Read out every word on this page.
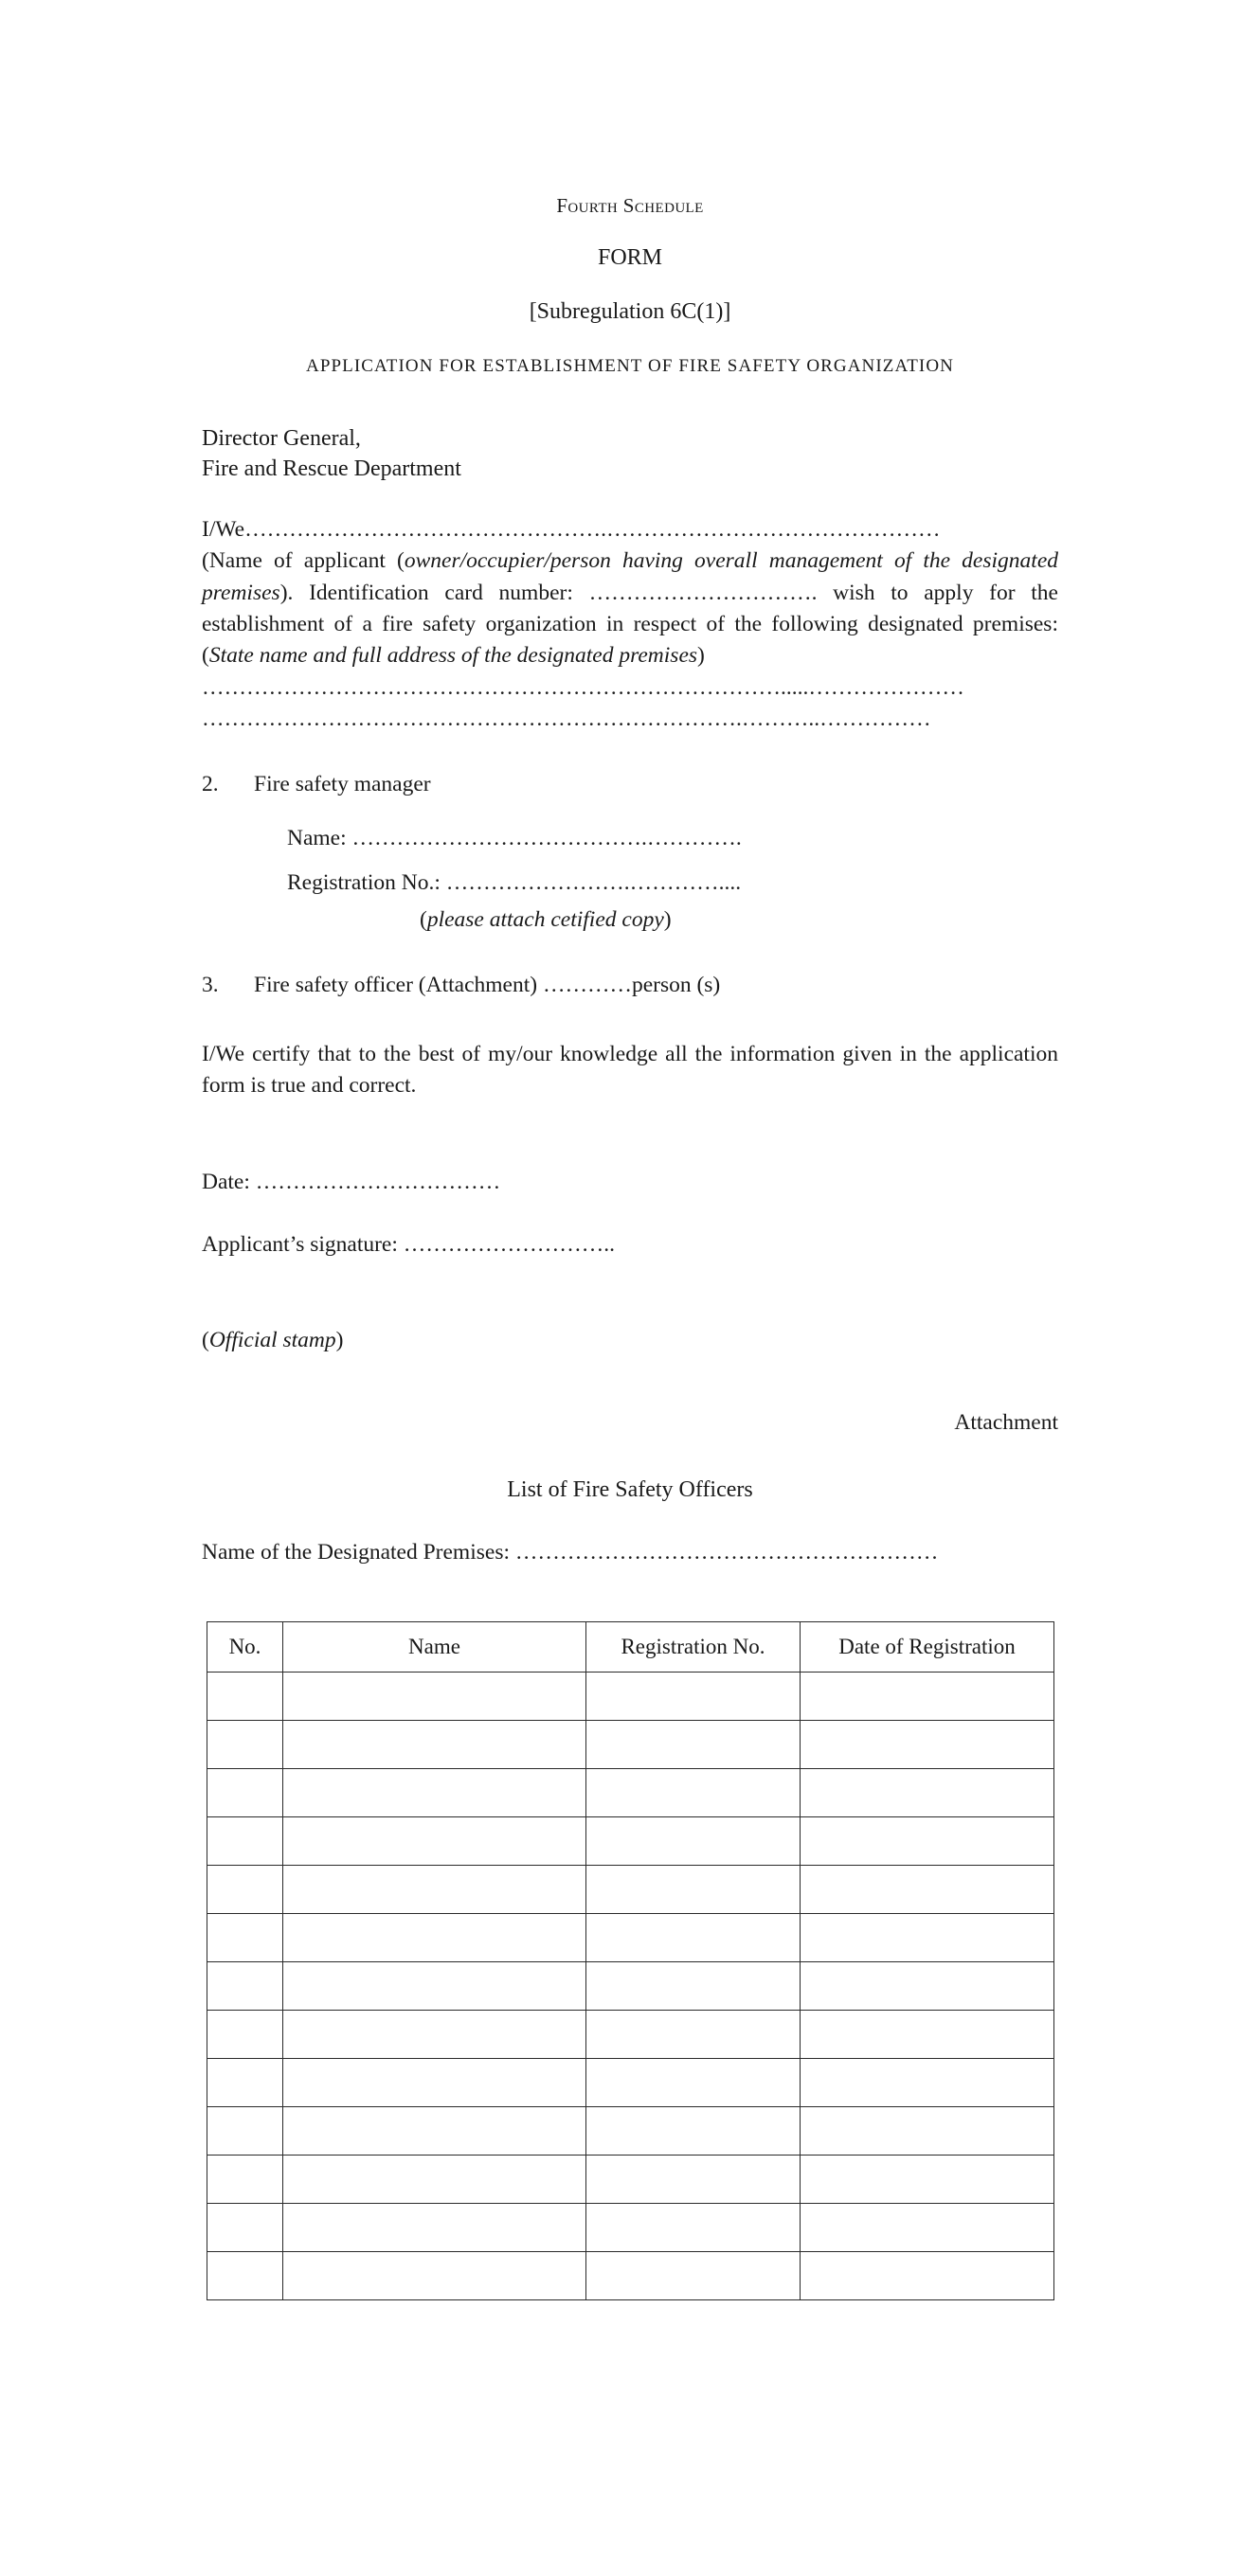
Fourth Schedule
FORM
[Subregulation 6C(1)]
APPLICATION FOR ESTABLISHMENT OF FIRE SAFETY ORGANIZATION
Director General,
Fire and Rescue Department
I/We………………………………………….………………………………………
(Name of applicant (owner/occupier/person having overall management of the designated premises). Identification card number: …………………………. wish to apply for the establishment of a fire safety organization in respect of the following designated premises: (State name and full address of the designated premises)
…………………………………………………………………….....…………………
……………………………………………………………….………..……………
2. Fire safety manager
Name: ………………………………….………….
Registration No.: …………………….…………....
(please attach cetified copy)
3. Fire safety officer (Attachment) …………person (s)
I/We certify that to the best of my/our knowledge all the information given in the application form is true and correct.
Date: ……………………………
Applicant’s signature: ………………………..
(Official stamp)
Attachment
List of Fire Safety Officers
Name of the Designated Premises: …………………………………………………
No.	Name	Registration No.	Date of Registration
